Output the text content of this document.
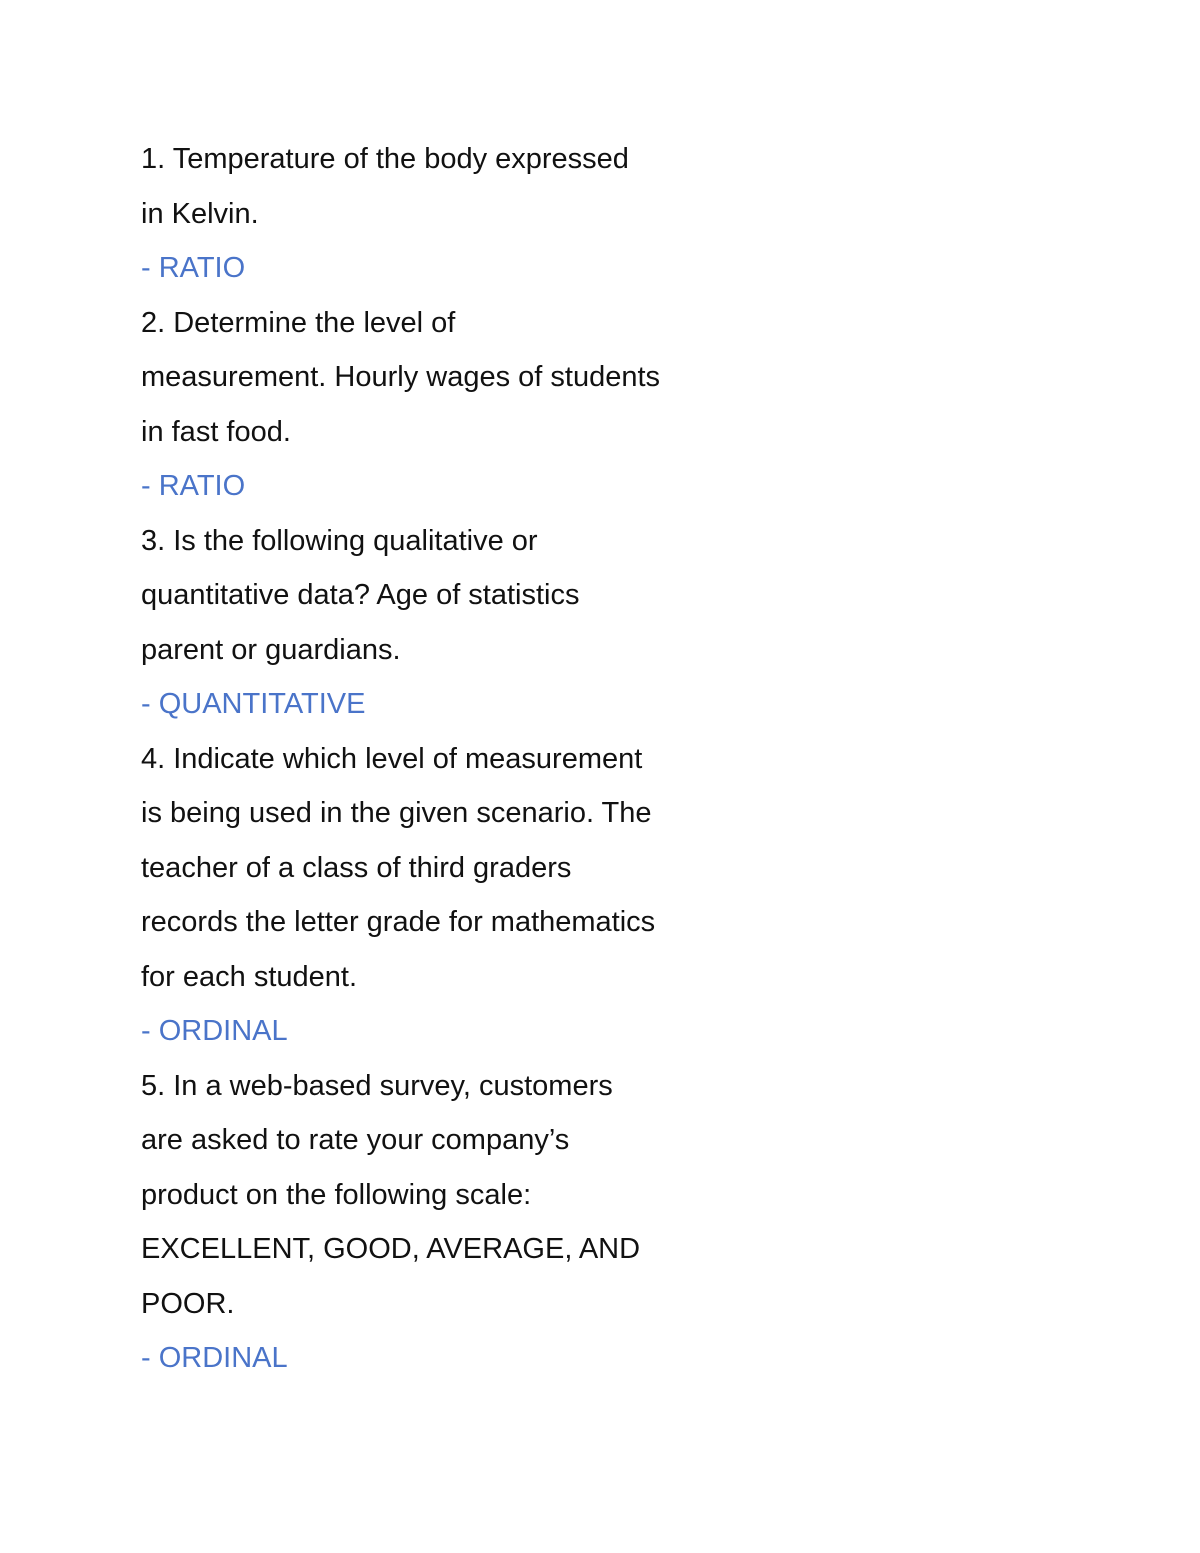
1. Temperature of the body expressed
in Kelvin.
- RATIO
2. Determine the level of
measurement. Hourly wages of students
in fast food.
- RATIO
3. Is the following qualitative or
quantitative data? Age of statistics
parent or guardians.
- QUANTITATIVE
4. Indicate which level of measurement
is being used in the given scenario. The
teacher of a class of third graders
records the letter grade for mathematics
for each student.
- ORDINAL
5. In a web-based survey, customers
are asked to rate your company’s
product on the following scale:
EXCELLENT, GOOD, AVERAGE, AND
POOR.
- ORDINAL
